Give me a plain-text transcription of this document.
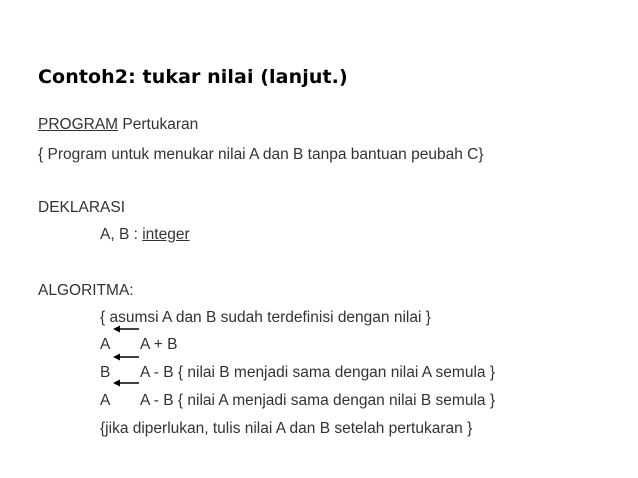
Contoh2: tukar nilai (lanjut.)
PROGRAM Pertukaran
{ Program untuk menukar nilai A dan B tanpa bantuan peubah C}
DEKLARASI
A, B : integer
ALGORITMA:
{ asumsi A dan B sudah terdefinisi dengan nilai }
A A + B
B A - B { nilai B menjadi sama dengan nilai A semula }
A A - B { nilai A menjadi sama dengan nilai B semula }
{jika diperlukan, tulis nilai A dan B setelah pertukaran }
